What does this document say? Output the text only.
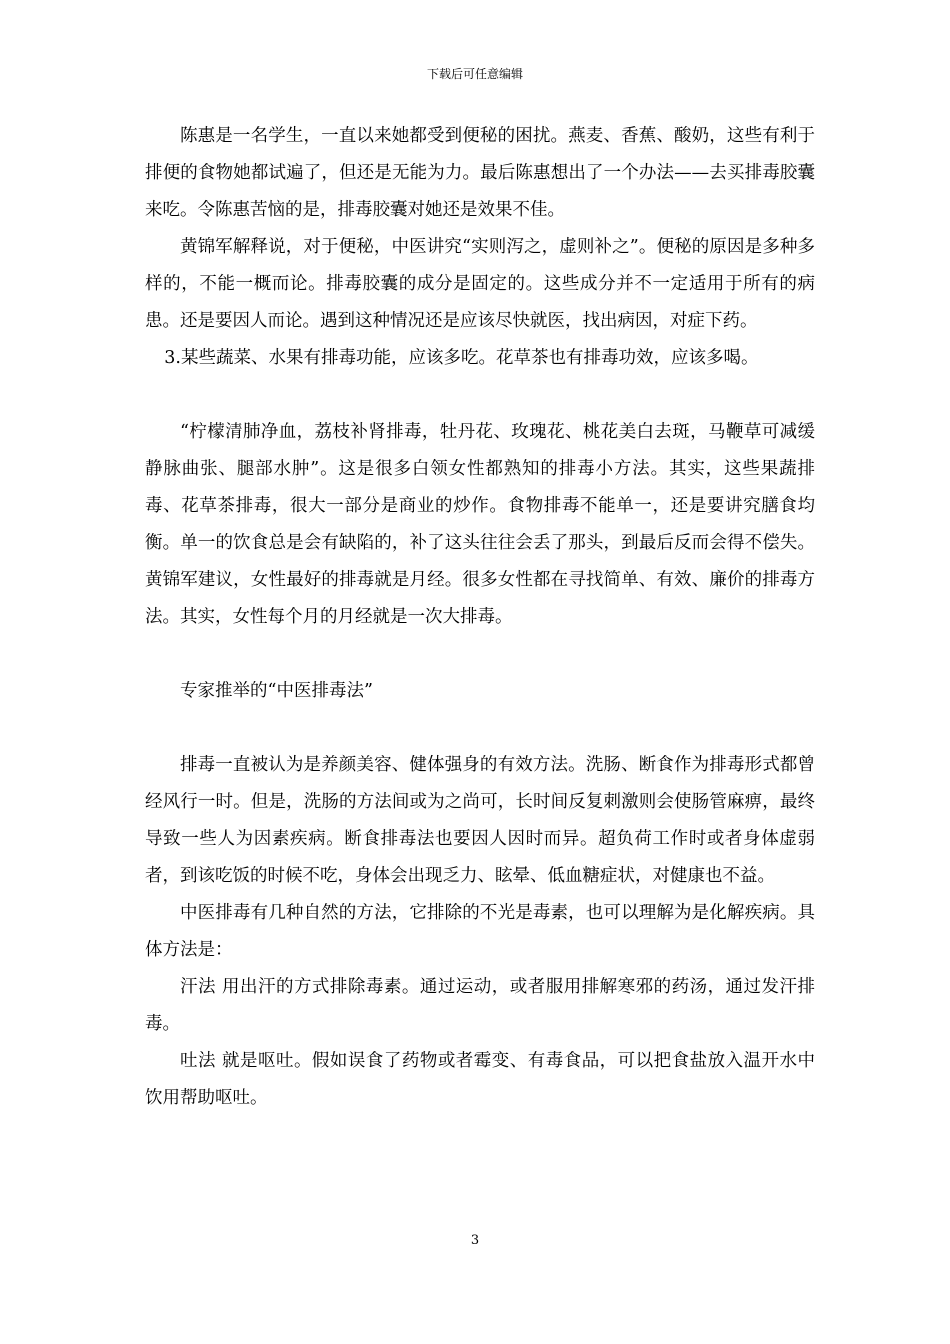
下载后可任意编辑

陈惠是一名学生，一直以来她都受到便秘的困扰。燕麦、香蕉、酸奶，这些有利于排便的食物她都试遍了，但还是无能为力。最后陈惠想出了一个办法——去买排毒胶囊来吃。令陈惠苦恼的是，排毒胶囊对她还是效果不佳。

黄锦军解释说，对于便秘，中医讲究“实则泻之，虚则补之”。便秘的原因是多种多样的，不能一概而论。排毒胶囊的成分是固定的。这些成分并不一定适用于所有的病患。还是要因人而论。遇到这种情况还是应该尽快就医，找出病因，对症下药。

3.某些蔬菜、水果有排毒功能，应该多吃。花草茶也有排毒功效，应该多喝。

“柠檬清肺净血，荔枝补肾排毒，牡丹花、玫瑰花、桃花美白去斑，马鞭草可减缓静脉曲张、腿部水肿”。这是很多白领女性都熟知的排毒小方法。其实，这些果蔬排毒、花草茶排毒，很大一部分是商业的炒作。食物排毒不能单一，还是要讲究膳食均衡。单一的饮食总是会有缺陷的，补了这头往往会丢了那头，到最后反而会得不偿失。黄锦军建议，女性最好的排毒就是月经。很多女性都在寻找简单、有效、廉价的排毒方法。其实，女性每个月的月经就是一次大排毒。

专家推举的“中医排毒法”

排毒一直被认为是养颜美容、健体强身的有效方法。洗肠、断食作为排毒形式都曾经风行一时。但是，洗肠的方法间或为之尚可，长时间反复刺激则会使肠管麻痹，最终导致一些人为因素疾病。断食排毒法也要因人因时而异。超负荷工作时或者身体虚弱者，到该吃饭的时候不吃，身体会出现乏力、眩晕、低血糖症状，对健康也不益。

中医排毒有几种自然的方法，它排除的不光是毒素，也可以理解为是化解疾病。具体方法是：

汗法 用出汗的方式排除毒素。通过运动，或者服用排解寒邪的药汤，通过发汗排毒。

吐法 就是呕吐。假如误食了药物或者霉变、有毒食品，可以把食盐放入温开水中饮用帮助呕吐。

3
